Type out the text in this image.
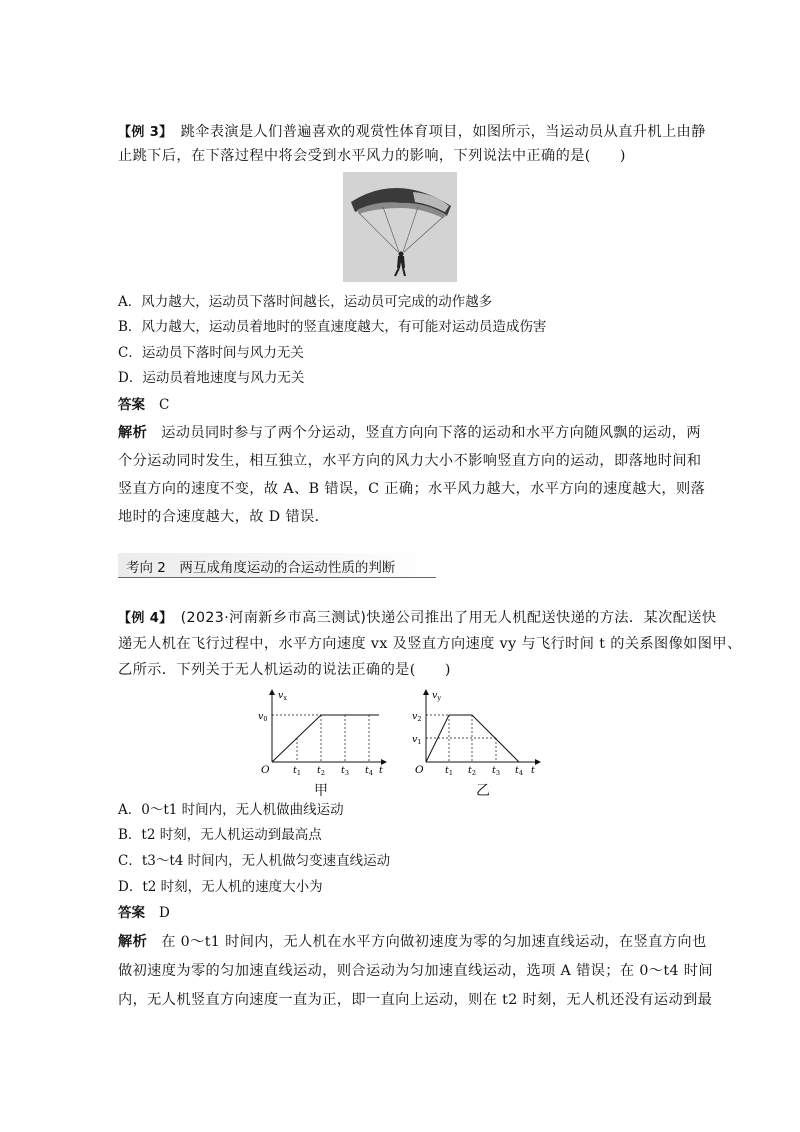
【例 3】 跳伞表演是人们普遍喜欢的观赏性体育项目，如图所示，当运动员从直升机上由静
止跳下后，在下落过程中将会受到水平风力的影响，下列说法中正确的是(　　)
A．风力越大，运动员下落时间越长，运动员可完成的动作越多
B．风力越大，运动员着地时的竖直速度越大，有可能对运动员造成伤害
C．运动员下落时间与风力无关
D．运动员着地速度与风力无关
答案 C
解析 运动员同时参与了两个分运动，竖直方向向下落的运动和水平方向随风飘的运动，两
个分运动同时发生，相互独立，水平方向的风力大小不影响竖直方向的运动，即落地时间和
竖直方向的速度不变，故 A、B 错误，C 正确；水平风力越大，水平方向的速度越大，则落
地时的合速度越大，故 D 错误．
考向 2　两互成角度运动的合运动性质的判断
【例 4】 (2023·河南新乡市高三测试)快递公司推出了用无人机配送快递的方法．某次配送快
递无人机在飞行过程中，水平方向速度 vx 及竖直方向速度 vy 与飞行时间 t 的关系图像如图甲、
乙所示．下列关于无人机运动的说法正确的是(　　)
$v_x$
$v_0$
O $t_1$ $t_2$ $t_3$ $t_4$ t
甲
$v_y$
$v_2$
$v_1$
O $t_1$ $t_2$ $t_3$ $t_4$ t
乙
A．0～t1 时间内，无人机做曲线运动
B．t2 时刻，无人机运动到最高点
C．t3～t4 时间内，无人机做匀变速直线运动
D．t2 时刻，无人机的速度大小为
答案 D
解析 在 0～t1 时间内，无人机在水平方向做初速度为零的匀加速直线运动，在竖直方向也
做初速度为零的匀加速直线运动，则合运动为匀加速直线运动，选项 A 错误；在 0～t4 时间
内，无人机竖直方向速度一直为正，即一直向上运动，则在 t2 时刻，无人机还没有运动到最
